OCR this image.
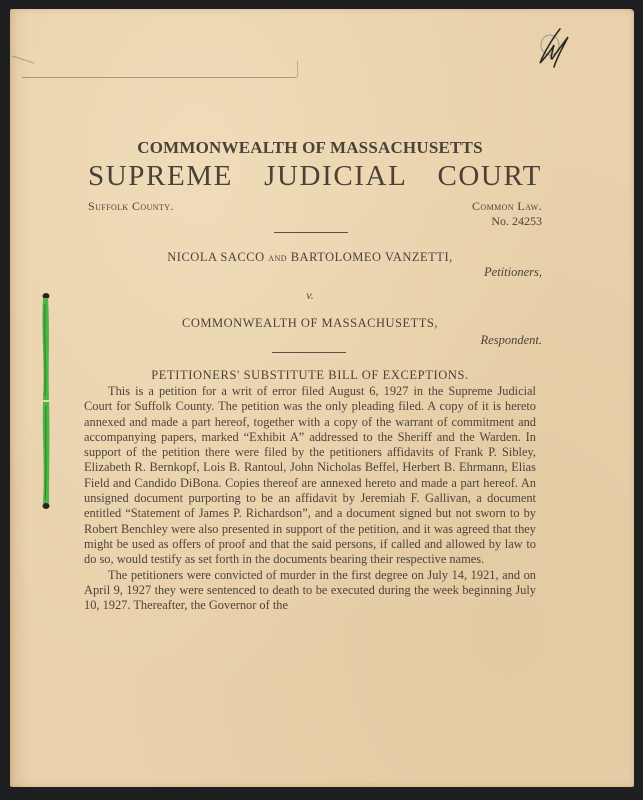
COMMONWEALTH OF MASSACHUSETTS
SUPREME JUDICIAL COURT
Suffolk County.	Common Law.
No. 24253
NICOLA SACCO and BARTOLOMEO VANZETTI,
Petitioners,
v.
COMMONWEALTH OF MASSACHUSETTS,
Respondent.
PETITIONERS' SUBSTITUTE BILL OF EXCEPTIONS.

This is a petition for a writ of error filed August 6, 1927 in the Supreme Judicial Court for Suffolk County. The petition was the only pleading filed. A copy of it is hereto annexed and made a part hereof, together with a copy of the warrant of commitment and accompanying papers, marked “Exhibit A” addressed to the Sheriff and the Warden. In support of the petition there were filed by the petitioners affidavits of Frank P. Sibley, Elizabeth R. Bernkopf, Lois B. Rantoul, John Nicholas Beffel, Herbert B. Ehrmann, Elias Field and Candido DiBona. Copies thereof are annexed hereto and made a part hereof. An unsigned document purporting to be an affidavit by Jeremiah F. Gallivan, a document entitled “Statement of James P. Richardson”, and a document signed but not sworn to by Robert Benchley were also presented in support of the petition, and it was agreed that they might be used as offers of proof and that the said persons, if called and allowed by law to do so, would testify as set forth in the documents bearing their respective names.

The petitioners were convicted of murder in the first degree on July 14, 1921, and on April 9, 1927 they were sentenced to death to be executed during the week beginning July 10, 1927. Thereafter, the Governor of the
